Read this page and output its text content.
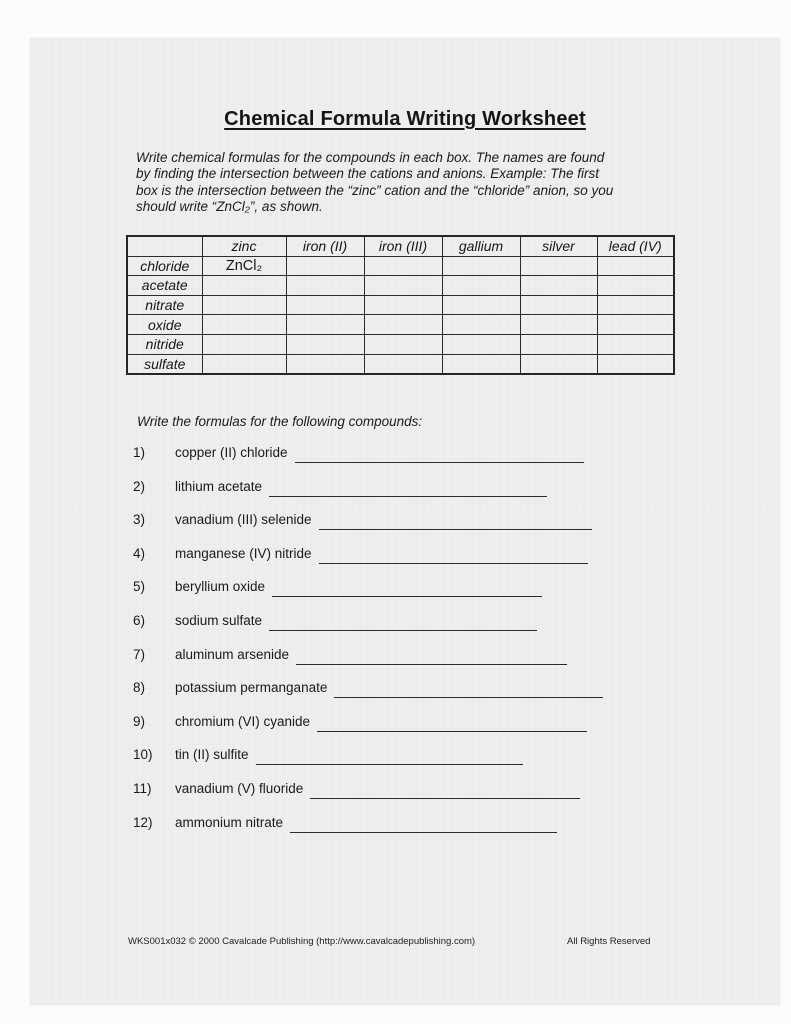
Chemical Formula Writing Worksheet
Write chemical formulas for the compounds in each box. The names are found
by finding the intersection between the cations and anions. Example: The first
box is the intersection between the “zinc” cation and the “chloride” anion, so you
should write “ZnCl₂”, as shown.
	zinc	iron (II)	iron (III)	gallium	silver	lead (IV)
chloride	ZnCl₂					
acetate						
nitrate						
oxide						
nitride						
sulfate						
Write the formulas for the following compounds:
1)	copper (II) chloride
2)	lithium acetate
3)	vanadium (III) selenide
4)	manganese (IV) nitride
5)	beryllium oxide
6)	sodium sulfate
7)	aluminum arsenide
8)	potassium permanganate
9)	chromium (VI) cyanide
10)	tin (II) sulfite
11)	vanadium (V) fluoride
12)	ammonium nitrate
WKS001x032 © 2000 Cavalcade Publishing (http://www.cavalcadepublishing.com)	All Rights Reserved
